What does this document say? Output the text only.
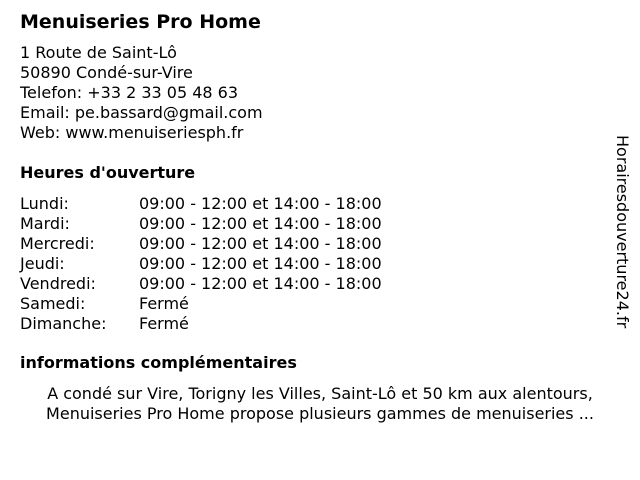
Menuiseries Pro Home
1 Route de Saint-Lô
50890 Condé-sur-Vire
Telefon: +33 2 33 05 48 63
Email: pe.bassard@gmail.com
Web: www.menuiseriesph.fr
Heures d'ouverture
Lundi:	09:00 - 12:00 et 14:00 - 18:00
Mardi:	09:00 - 12:00 et 14:00 - 18:00
Mercredi:	09:00 - 12:00 et 14:00 - 18:00
Jeudi:	09:00 - 12:00 et 14:00 - 18:00
Vendredi:	09:00 - 12:00 et 14:00 - 18:00
Samedi:	Fermé
Dimanche:	Fermé
informations complémentaires
A condé sur Vire, Torigny les Villes, Saint-Lô et 50 km aux alentours,
Menuiseries Pro Home propose plusieurs gammes de menuiseries ...
Horairesdouverture24.fr
